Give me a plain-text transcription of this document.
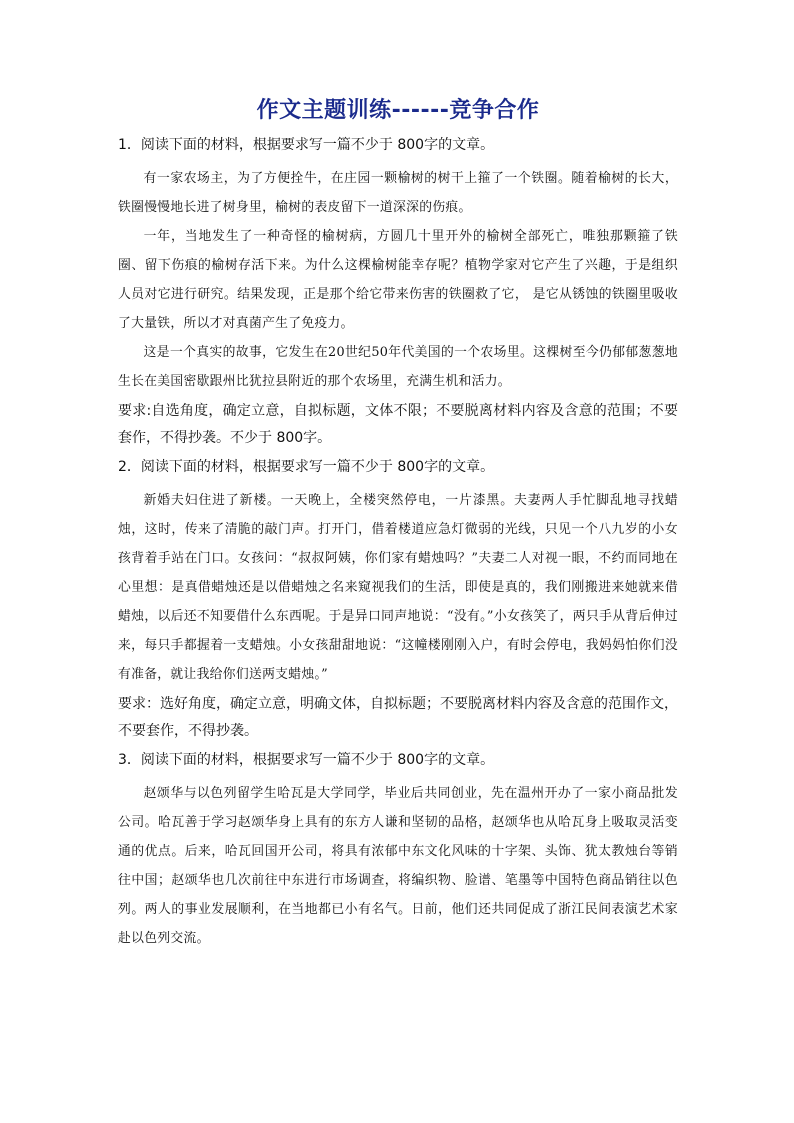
作文主题训练------竞争合作
1．阅读下面的材料，根据要求写一篇不少于 800字的文章。

有一家农场主，为了方便拴牛，在庄园一颗榆树的树干上箍了一个铁圈。随着榆树的长大，铁圈慢慢地长进了树身里，榆树的表皮留下一道深深的伤痕。

一年，当地发生了一种奇怪的榆树病，方圆几十里开外的榆树全部死亡，唯独那颗箍了铁圈、留下伤痕的榆树存活下来。为什么这棵榆树能幸存呢？植物学家对它产生了兴趣，于是组织人员对它进行研究。结果发现，正是那个给它带来伤害的铁圈救了它， 是它从锈蚀的铁圈里吸收了大量铁，所以才对真菌产生了免疫力。

这是一个真实的故事，它发生在20世纪50年代美国的一个农场里。这棵树至今仍郁郁葱葱地生长在美国密歇跟州比犹拉县附近的那个农场里，充满生机和活力。

要求:自选角度，确定立意，自拟标题，文体不限；不要脱离材料内容及含意的范围；不要套作，不得抄袭。不少于 800字。
2．阅读下面的材料，根据要求写一篇不少于 800字的文章。

新婚夫妇住进了新楼。一天晚上，全楼突然停电，一片漆黑。夫妻两人手忙脚乱地寻找蜡烛，这时，传来了清脆的敲门声。打开门，借着楼道应急灯微弱的光线，只见一个八九岁的小女孩背着手站在门口。女孩问：“叔叔阿姨，你们家有蜡烛吗？”夫妻二人对视一眼，不约而同地在心里想：是真借蜡烛还是以借蜡烛之名来窥视我们的生活，即使是真的，我们刚搬进来她就来借蜡烛，以后还不知要借什么东西呢。于是异口同声地说：“没有。”小女孩笑了，两只手从背后伸过来，每只手都握着一支蜡烛。小女孩甜甜地说：“这幢楼刚刚入户，有时会停电，我妈妈怕你们没有准备，就让我给你们送两支蜡烛。”

要求：选好角度，确定立意，明确文体，自拟标题；不要脱离材料内容及含意的范围作文，不要套作，不得抄袭。
3．阅读下面的材料，根据要求写一篇不少于 800字的文章。

赵颂华与以色列留学生哈瓦是大学同学，毕业后共同创业，先在温州开办了一家小商品批发公司。哈瓦善于学习赵颂华身上具有的东方人谦和坚韧的品格，赵颂华也从哈瓦身上吸取灵活变通的优点。后来，哈瓦回国开公司，将具有浓郁中东文化风味的十字架、头饰、犹太教烛台等销往中国；赵颂华也几次前往中东进行市场调查，将编织物、脸谱、笔墨等中国特色商品销往以色列。两人的事业发展顺利，在当地都已小有名气。日前，他们还共同促成了浙江民间表演艺术家赴以色列交流。
